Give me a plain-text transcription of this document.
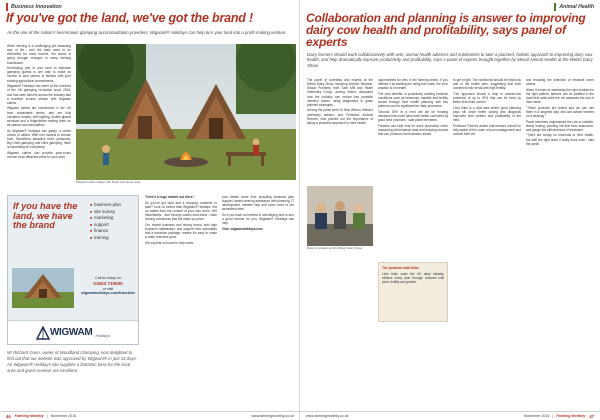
Business Innovation
If you've got the land, we've got the brand !
As the one of the nation's best-known glamping accommodation providers, Wigwam® Holidays can help turn your land into a profit-making venture.

When farming is a challenging yet rewarding way of life... and the trials need to be diversified for extra income, the sector is going through changes in many farming businesses.

Developing part of your farm to welcome glamping guests is one way to make an income of land owned, in tandem with your existing agricultural commitments.

Wigwam® Holidays has been at the forefront of the UK glamping revolution since 2004, and has seen farmers across the industry add a lucrative income stream with Wigwam cabins.

Wigwam cabins are constructed in the UK from sustainable timber, and are fully insulated, heated, with lighting, double glazed windows and a fridge/kettle making them an all-season accommodation.

As Wigwam® Holidays can glamp, a whole choice of cabins. With four models to choose from, Wood5ens attractive three (seasons), Big Chief glamping and Ultra glamping, there is something for everybody.

Wigwam cabins can provide year-round income at an attractive price for your land.

Wigwam cabin village with firepit and picnic area
If you have the land, we have the brand
■ business plan
■ site survey
■ marketing
■ support
■ finance
■ training
Call us today on
01603 710600
or visit
wigwamholidays.com/franchise
WIGWAM holidays
Mr Richard Gunn, owner of Woodland Glamping, was delighted to find out that our website was approved by Wigwam® in just 14 days. An Wigwam® Holidays site supplies a fantastic base for the local area and guest reviews are excellent.

There's a huge market out there !

So you've got land and a shipping container to start? Look no further than Wigwam® Holidays. Set up cabins from the comfort of your own home: 400 franchisees... and through cabins sold direct - each owning a business that will make you plan.

Our repeat business and strong brand, with high customer satisfaction, and support from specialists and a franchise package, means it's easy to make a cabin business grow.

Get experts on board to help make

your dream come true: providing business plan support, award-winning assistance with planning, IT development, website help and much more to our accredited sites.

So if you have an interest in diversifying and to turn a good income for you, Wigwam® Holidays can help.

Visit: wigwamholidays.com

46 Farming Monthly | November 2016	www.farmingmonthly.co.uk
Animal Health
Collaboration and planning is answer to improving dairy cow health and profitability, says panel of experts
Dairy farmers should work collaboratively with vets, animal health advisers and nutritionists to take a planned, holistic approach to improving dairy cow health, and help dramatically improve productivity and profitability, says a panel of experts brought together by Merial Animal Health at the Welsh Dairy Show.

The panel of scientists and experts at the Welsh Dairy Show, including Andrew Tempest, Shaun Pumbrey from Sarn Mill and Heath Veterinary Group, among others, discussed how the industry can reduce key parasitic infection losses, using diagnostics to guide planned strategies.

Among the panel were Dr Nick Wilson, Merial's veterinary advisor, and Professor Andrew Reeves, who pointed out the importance of taking a proactive approach to herd health.

Panel of experts at the Welsh Dairy Show

opportunities for vets in the farming sector. If you defined it as tackling the rising fuel costs, the vet's practice is on health.

The cost benefits of proactively tackling endemic conditions such as lameness, mastitis and fertility issues through herd health planning with key partners can be significant for dairy producers.

"Around 25% of a herd will die for treating diseases that could have been better controlled by good herd practices," said panel members.

Farmers can help vets be more productive when measuring performance data and keeping records that can produce real business results.

The problem with fluke
Liver fluke costs the UK dairy industry millions every year through reduced milk yield, fertility and growth.

to get it right. The nutritionist should be linked as part of the health plan, suggesting that both combined help herds with high fertility.

"Our approach shows a drop in animal-loss problems of up to 30% that can be fixed by better liver fluke control."

Liver fluke is a vital area where good planning pays off, since better dosing and diagnosis improves both welfare and profitability of the herd.

Professor Reeves added that farmers should be fully aware of the costs of poor management and consult their vet.

and reducing the selection of resistant worm strains.

When it comes to assessing the right solution for the right patient, farmers can be justified in the local field data while the vet assesses the risk of their herds.

"These products are tested and we can use them in a targeted way, and can advise farmers on a strategy."

Panel members emphasised the role of suitable, timely testing, pointing out that farm assurance, and gauge the effectiveness of treatment.

"There are simply no shortcuts to herd health, but with the right team it really does work," said the panel.

www.farmingmonthly.co.uk	November 2016 | Farming Monthly 47
